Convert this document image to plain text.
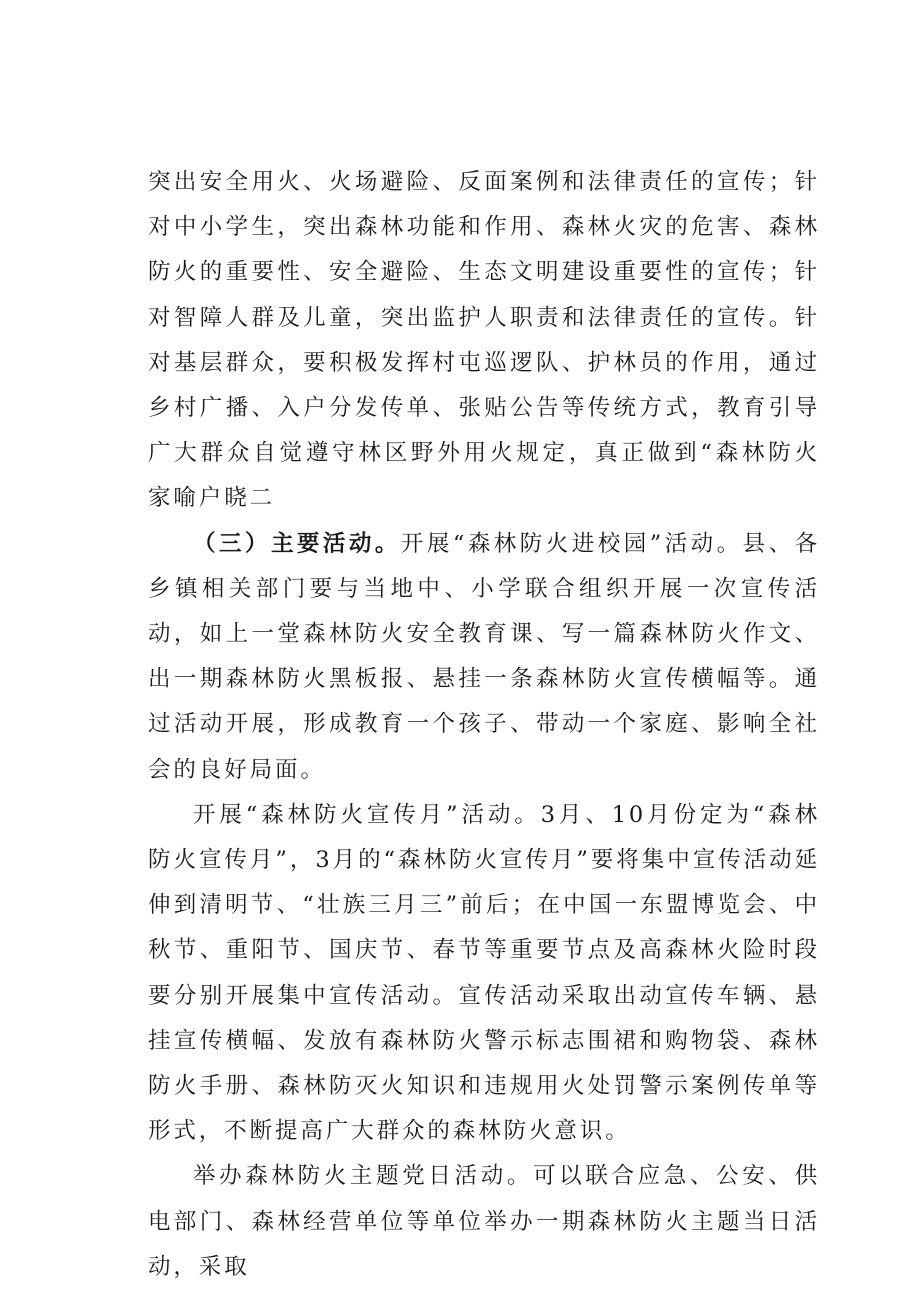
突出安全用火、火场避险、反面案例和法律责任的宣传；针对中小学生，突出森林功能和作用、森林火灾的危害、森林防火的重要性、安全避险、生态文明建设重要性的宣传；针对智障人群及儿童，突出监护人职责和法律责任的宣传。针对基层群众，要积极发挥村屯巡逻队、护林员的作用，通过乡村广播、入户分发传单、张贴公告等传统方式，教育引导广大群众自觉遵守林区野外用火规定，真正做到“森林防火家喻户晓二

（三）主要活动。开展“森林防火进校园”活动。县、各乡镇相关部门要与当地中、小学联合组织开展一次宣传活动，如上一堂森林防火安全教育课、写一篇森林防火作文、出一期森林防火黑板报、悬挂一条森林防火宣传横幅等。通过活动开展，形成教育一个孩子、带动一个家庭、影响全社会的良好局面。

开展“森林防火宣传月”活动。3月、10月份定为“森林防火宣传月”，3月的“森林防火宣传月”要将集中宣传活动延伸到清明节、“壮族三月三”前后；在中国一东盟博览会、中秋节、重阳节、国庆节、春节等重要节点及高森林火险时段要分别开展集中宣传活动。宣传活动采取出动宣传车辆、悬挂宣传横幅、发放有森林防火警示标志围裙和购物袋、森林防火手册、森林防灭火知识和违规用火处罚警示案例传单等形式，不断提高广大群众的森林防火意识。

举办森林防火主题党日活动。可以联合应急、公安、供电部门、森林经营单位等单位举办一期森林防火主题当日活动，采取
